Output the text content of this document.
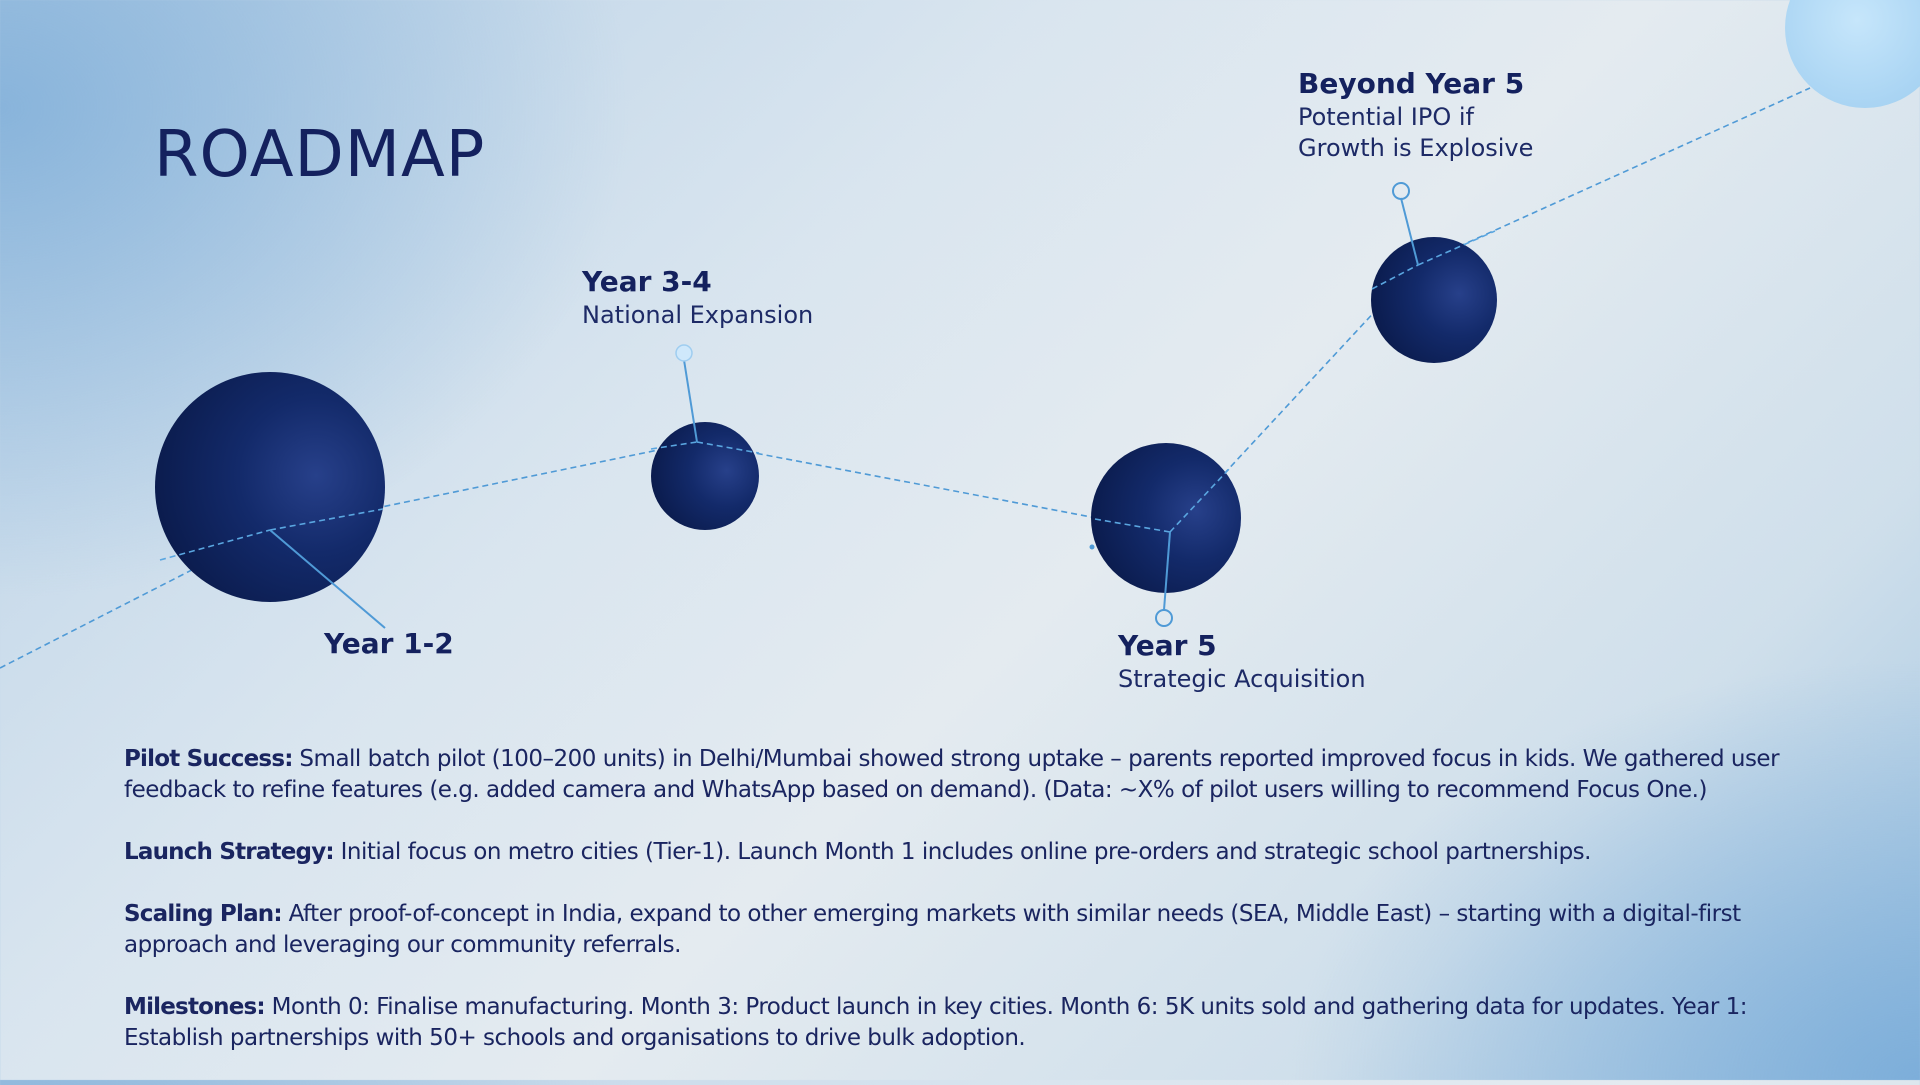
ROADMAP
Year 1-2
Year 3-4
National Expansion
Year 5
Strategic Acquisition
Beyond Year 5
Potential IPO if
Growth is Explosive

Pilot Success: Small batch pilot (100–200 units) in Delhi/Mumbai showed strong uptake – parents reported improved focus in kids. We gathered user feedback to refine features (e.g. added camera and WhatsApp based on demand). (Data: ~X% of pilot users willing to recommend Focus One.)

Launch Strategy: Initial focus on metro cities (Tier-1). Launch Month 1 includes online pre-orders and strategic school partnerships.

Scaling Plan: After proof-of-concept in India, expand to other emerging markets with similar needs (SEA, Middle East) – starting with a digital-first approach and leveraging our community referrals.

Milestones: Month 0: Finalise manufacturing. Month 3: Product launch in key cities. Month 6: 5K units sold and gathering data for updates. Year 1: Establish partnerships with 50+ schools and organisations to drive bulk adoption.
